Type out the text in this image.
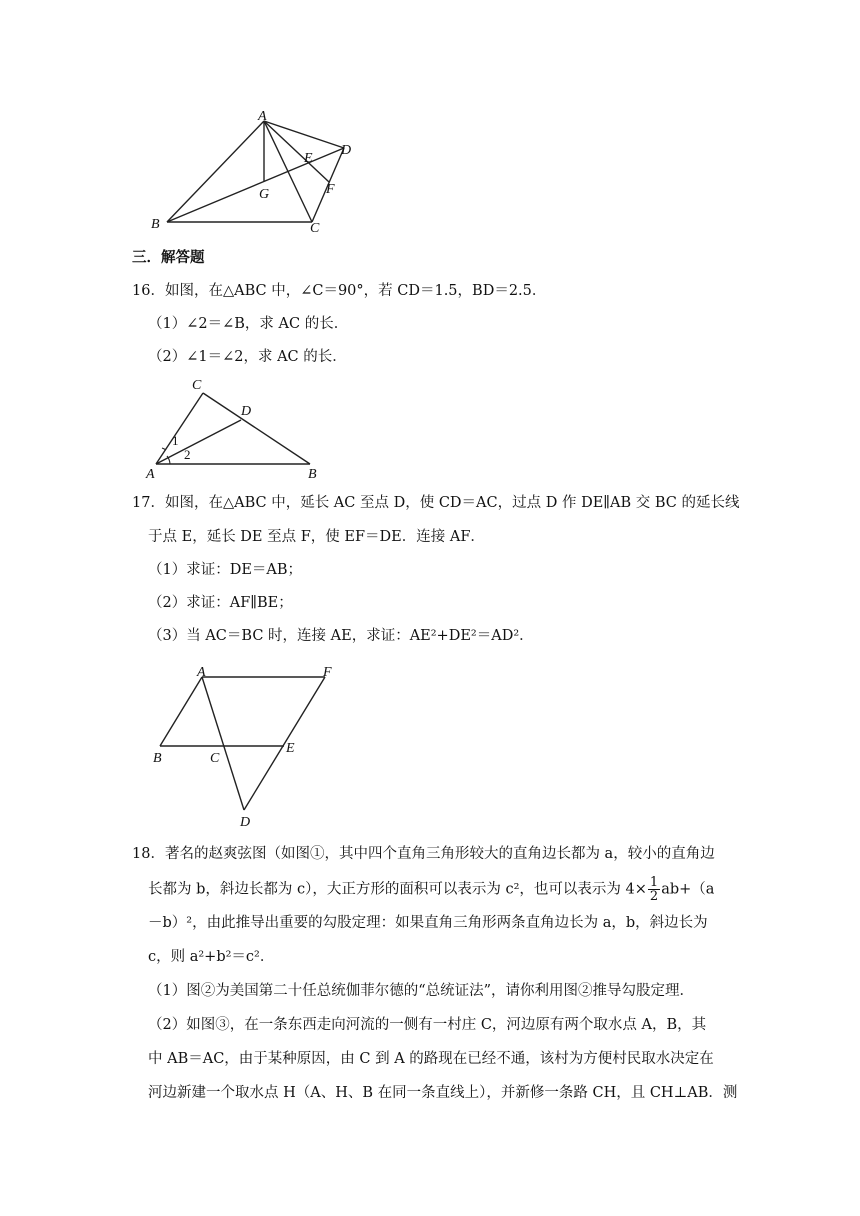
A
B	C
D
E
F
G
三．解答题
16．如图，在△ABC 中，∠C＝90°，若 CD＝1.5，BD＝2.5．
（1）∠2＝∠B，求 AC 的长．
（2）∠1＝∠2，求 AC 的长．
C
D
A	B
1
2
17．如图，在△ABC 中，延长 AC 至点 D，使 CD＝AC，过点 D 作 DE∥AB 交 BC 的延长线
于点 E，延长 DE 至点 F，使 EF＝DE．连接 AF．
（1）求证：DE＝AB；
（2）求证：AF∥BE；
（3）当 AC＝BC 时，连接 AE，求证：AE²+DE²＝AD²．
A	F
B	C
E
D
18．著名的赵爽弦图（如图①，其中四个直角三角形较大的直角边长都为 a，较小的直角边
长都为 b，斜边长都为 c），大正方形的面积可以表示为 c²，也可以表示为 $4\times \frac{1}{2} ab+(a$
－b）²，由此推导出重要的勾股定理：如果直角三角形两条直角边长为 a，b，斜边长为
c，则 a²+b²＝c²．
（1）图②为美国第二十任总统伽菲尔德的“总统证法”，请你利用图②推导勾股定理．
（2）如图③，在一条东西走向河流的一侧有一村庄 C，河边原有两个取水点 A，B，其
中 AB＝AC，由于某种原因，由 C 到 A 的路现在已经不通，该村为方便村民取水决定在
河边新建一个取水点 H（A、H、B 在同一条直线上），并新修一条路 CH，且 CH⊥AB．测
